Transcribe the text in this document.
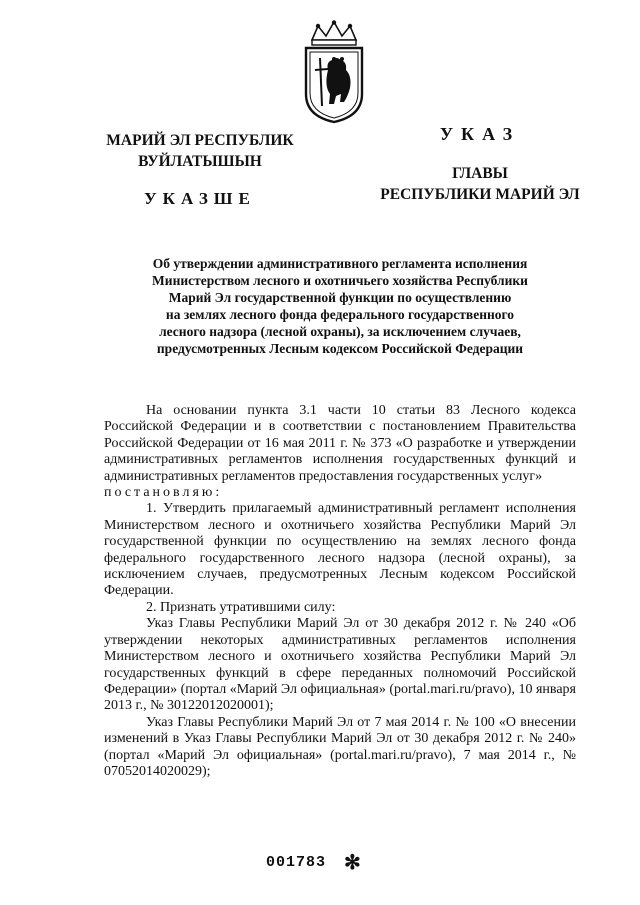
МАРИЙ ЭЛ РЕСПУБЛИК
ВУЙЛАТЫШЫН
УКАЗШЕ
УКАЗ
ГЛАВЫ
РЕСПУБЛИКИ МАРИЙ ЭЛ
Об утверждении административного регламента исполнения
Министерством лесного и охотничьего хозяйства Республики
Марий Эл государственной функции по осуществлению
на землях лесного фонда федерального государственного
лесного надзора (лесной охраны), за исключением случаев,
предусмотренных Лесным кодексом Российской Федерации

На основании пункта 3.1 части 10 статьи 83 Лесного кодекса Российской Федерации и в соответствии с постановлением Правительства Российской Федерации от 16 мая 2011 г. № 373 «О разработке и утверждении административных регламентов исполнения государственных функций и административных регламентов предоставления государственных услуг»

постановляю:

1. Утвердить прилагаемый административный регламент исполнения Министерством лесного и охотничьего хозяйства Республики Марий Эл государственной функции по осуществлению на землях лесного фонда федерального государственного лесного надзора (лесной охраны), за исключением случаев, предусмотренных Лесным кодексом Российской Федерации.

2. Признать утратившими силу:

Указ Главы Республики Марий Эл от 30 декабря 2012 г. № 240 «Об утверждении некоторых административных регламентов исполнения Министерством лесного и охотничьего хозяйства Республики Марий Эл государственных функций в сфере переданных полномочий Российской Федерации» (портал «Марий Эл официальная» (portal.mari.ru/pravo), 10 января 2013 г., № 30122012020001);

Указ Главы Республики Марий Эл от 7 мая 2014 г. № 100 «О внесении изменений в Указ Главы Республики Марий Эл от 30 декабря 2012 г. № 240» (портал «Марий Эл официальная» (portal.mari.ru/pravo), 7 мая 2014 г., № 07052014020029);

001783 ✻
